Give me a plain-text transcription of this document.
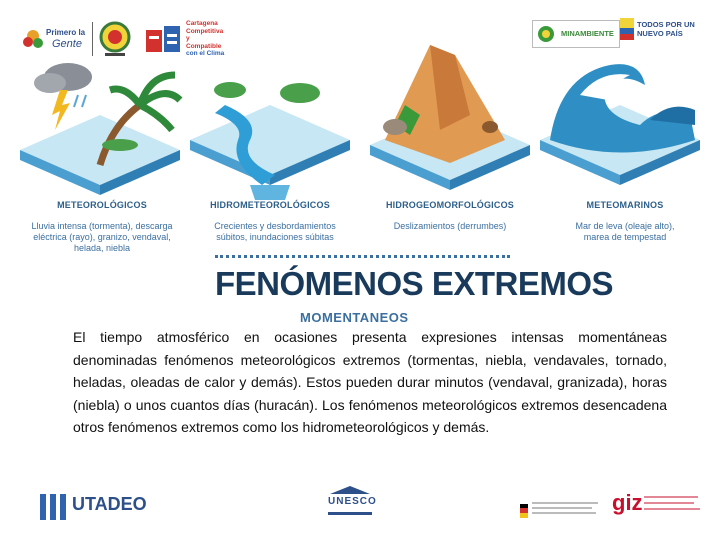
Primero la
Gente
Cartagena
Competitiva y
Compatible
con el Clima
MINAMBIENTE
TODOS POR UN
NUEVO PAÍS
METEOROLÓGICOS
Lluvia intensa (tormenta), descarga
eléctrica (rayo), granizo, vendaval,
helada, niebla
HIDROMETEOROLÓGICOS
Crecientes y desbordamientos
súbitos, inundaciones súbitas
HIDROGEOMORFOLÓGICOS
Deslizamientos (derrumbes)
METEOMARINOS
Mar de leva (oleaje alto),
marea de tempestad
FENÓMENOS EXTREMOS
MOMENTANEOS
El tiempo atmosférico en ocasiones presenta expresiones intensas momentáneas denominadas fenómenos meteorológicos extremos (tormentas, niebla, vendavales, tornado, heladas, oleadas de calor y demás). Estos pueden durar minutos (vendaval, granizada), horas (niebla) o unos cuantos días (huracán). Los fenómenos meteorológicos extremos desencadena otros fenómenos extremos como los hidrometeorológicos y demás.
UTADEO	UNESCO	giz
